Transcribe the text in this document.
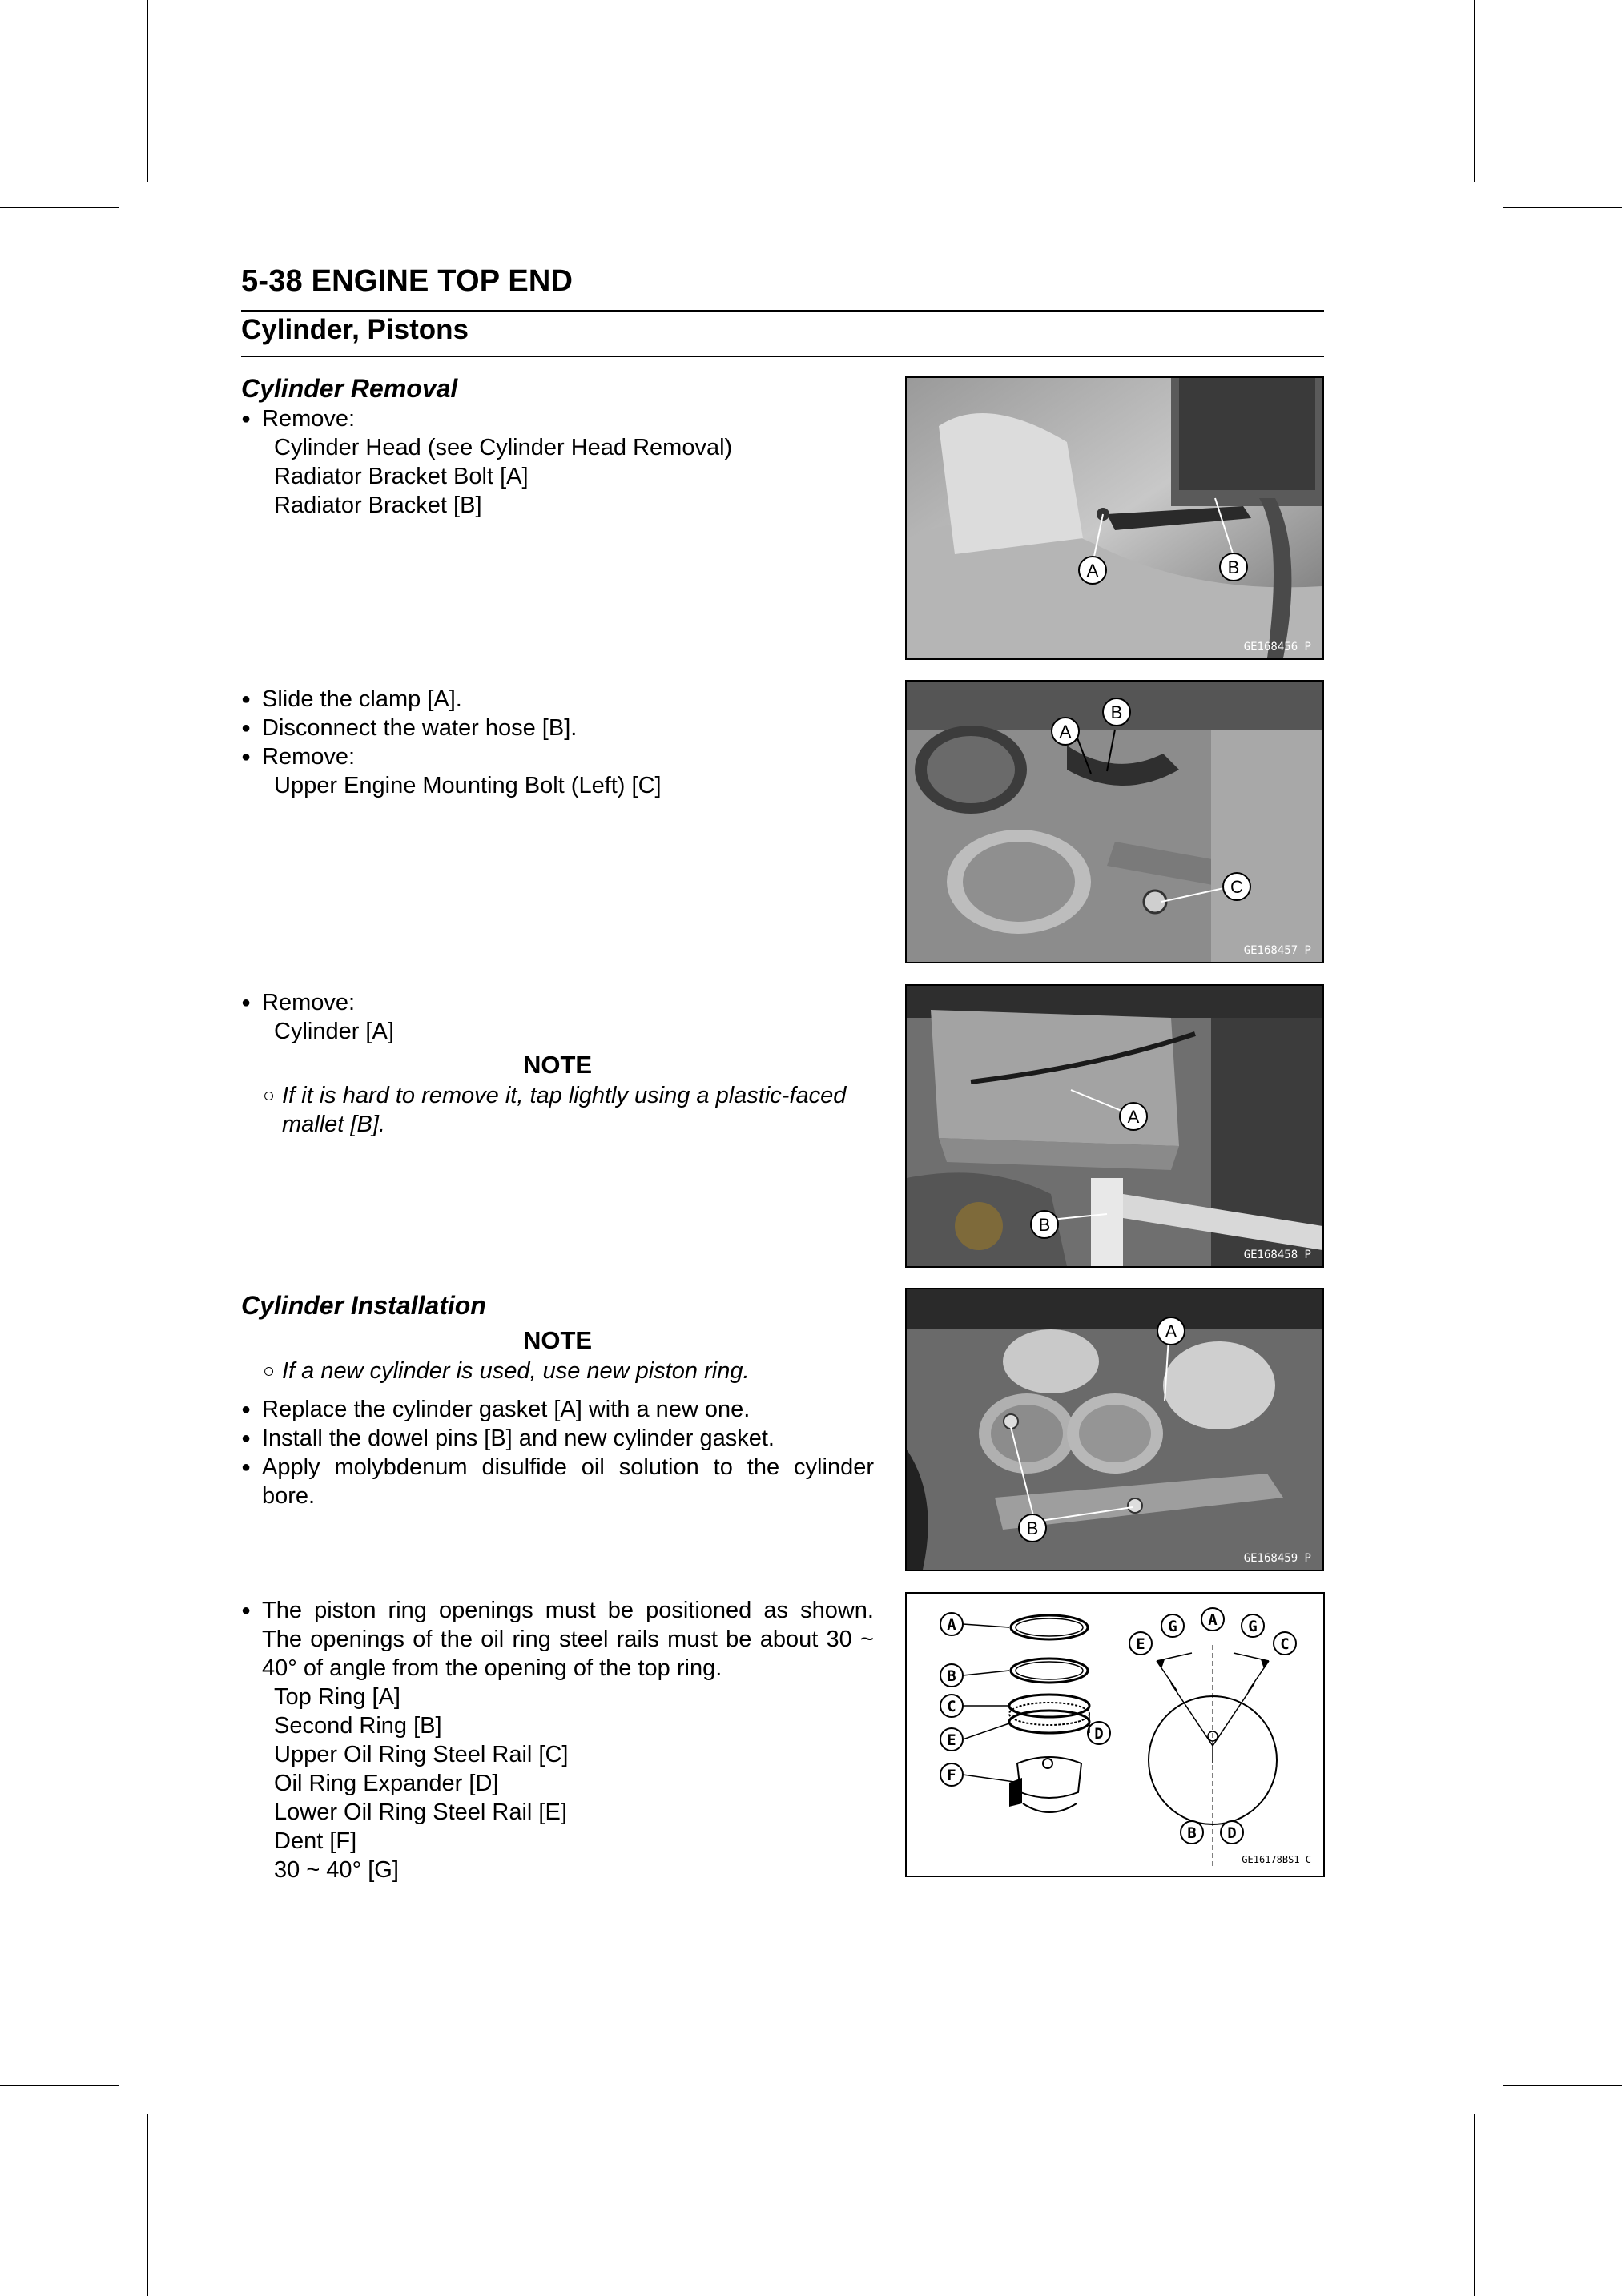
5-38 ENGINE TOP END
Cylinder, Pistons
Cylinder Removal
● Remove:
Cylinder Head (see Cylinder Head Removal)
Radiator Bracket Bolt [A]
Radiator Bracket [B]
● Slide the clamp [A].
● Disconnect the water hose [B].
● Remove:
Upper Engine Mounting Bolt (Left) [C]
● Remove:
Cylinder [A]
NOTE
○ If it is hard to remove it, tap lightly using a plastic-faced mallet [B].
Cylinder Installation
NOTE
○ If a new cylinder is used, use new piston ring.
● Replace the cylinder gasket [A] with a new one.
● Install the dowel pins [B] and new cylinder gasket.
● Apply molybdenum disulfide oil solution to the cylinder bore.
● The piston ring openings must be positioned as shown. The openings of the oil ring steel rails must be about 30 ~ 40° of angle from the opening of the top ring.
Top Ring [A]
Second Ring [B]
Upper Oil Ring Steel Rail [C]
Oil Ring Expander [D]
Lower Oil Ring Steel Rail [E]
Dent [F]
30 ~ 40° [G]
A	B
GE168456 P
A
B
C
GE168457 P
A
B
GE168458 P
A
B
GE168459 P
A
B
C
E
F
D
G A G
E	C
B D
GE16178BS1 C
